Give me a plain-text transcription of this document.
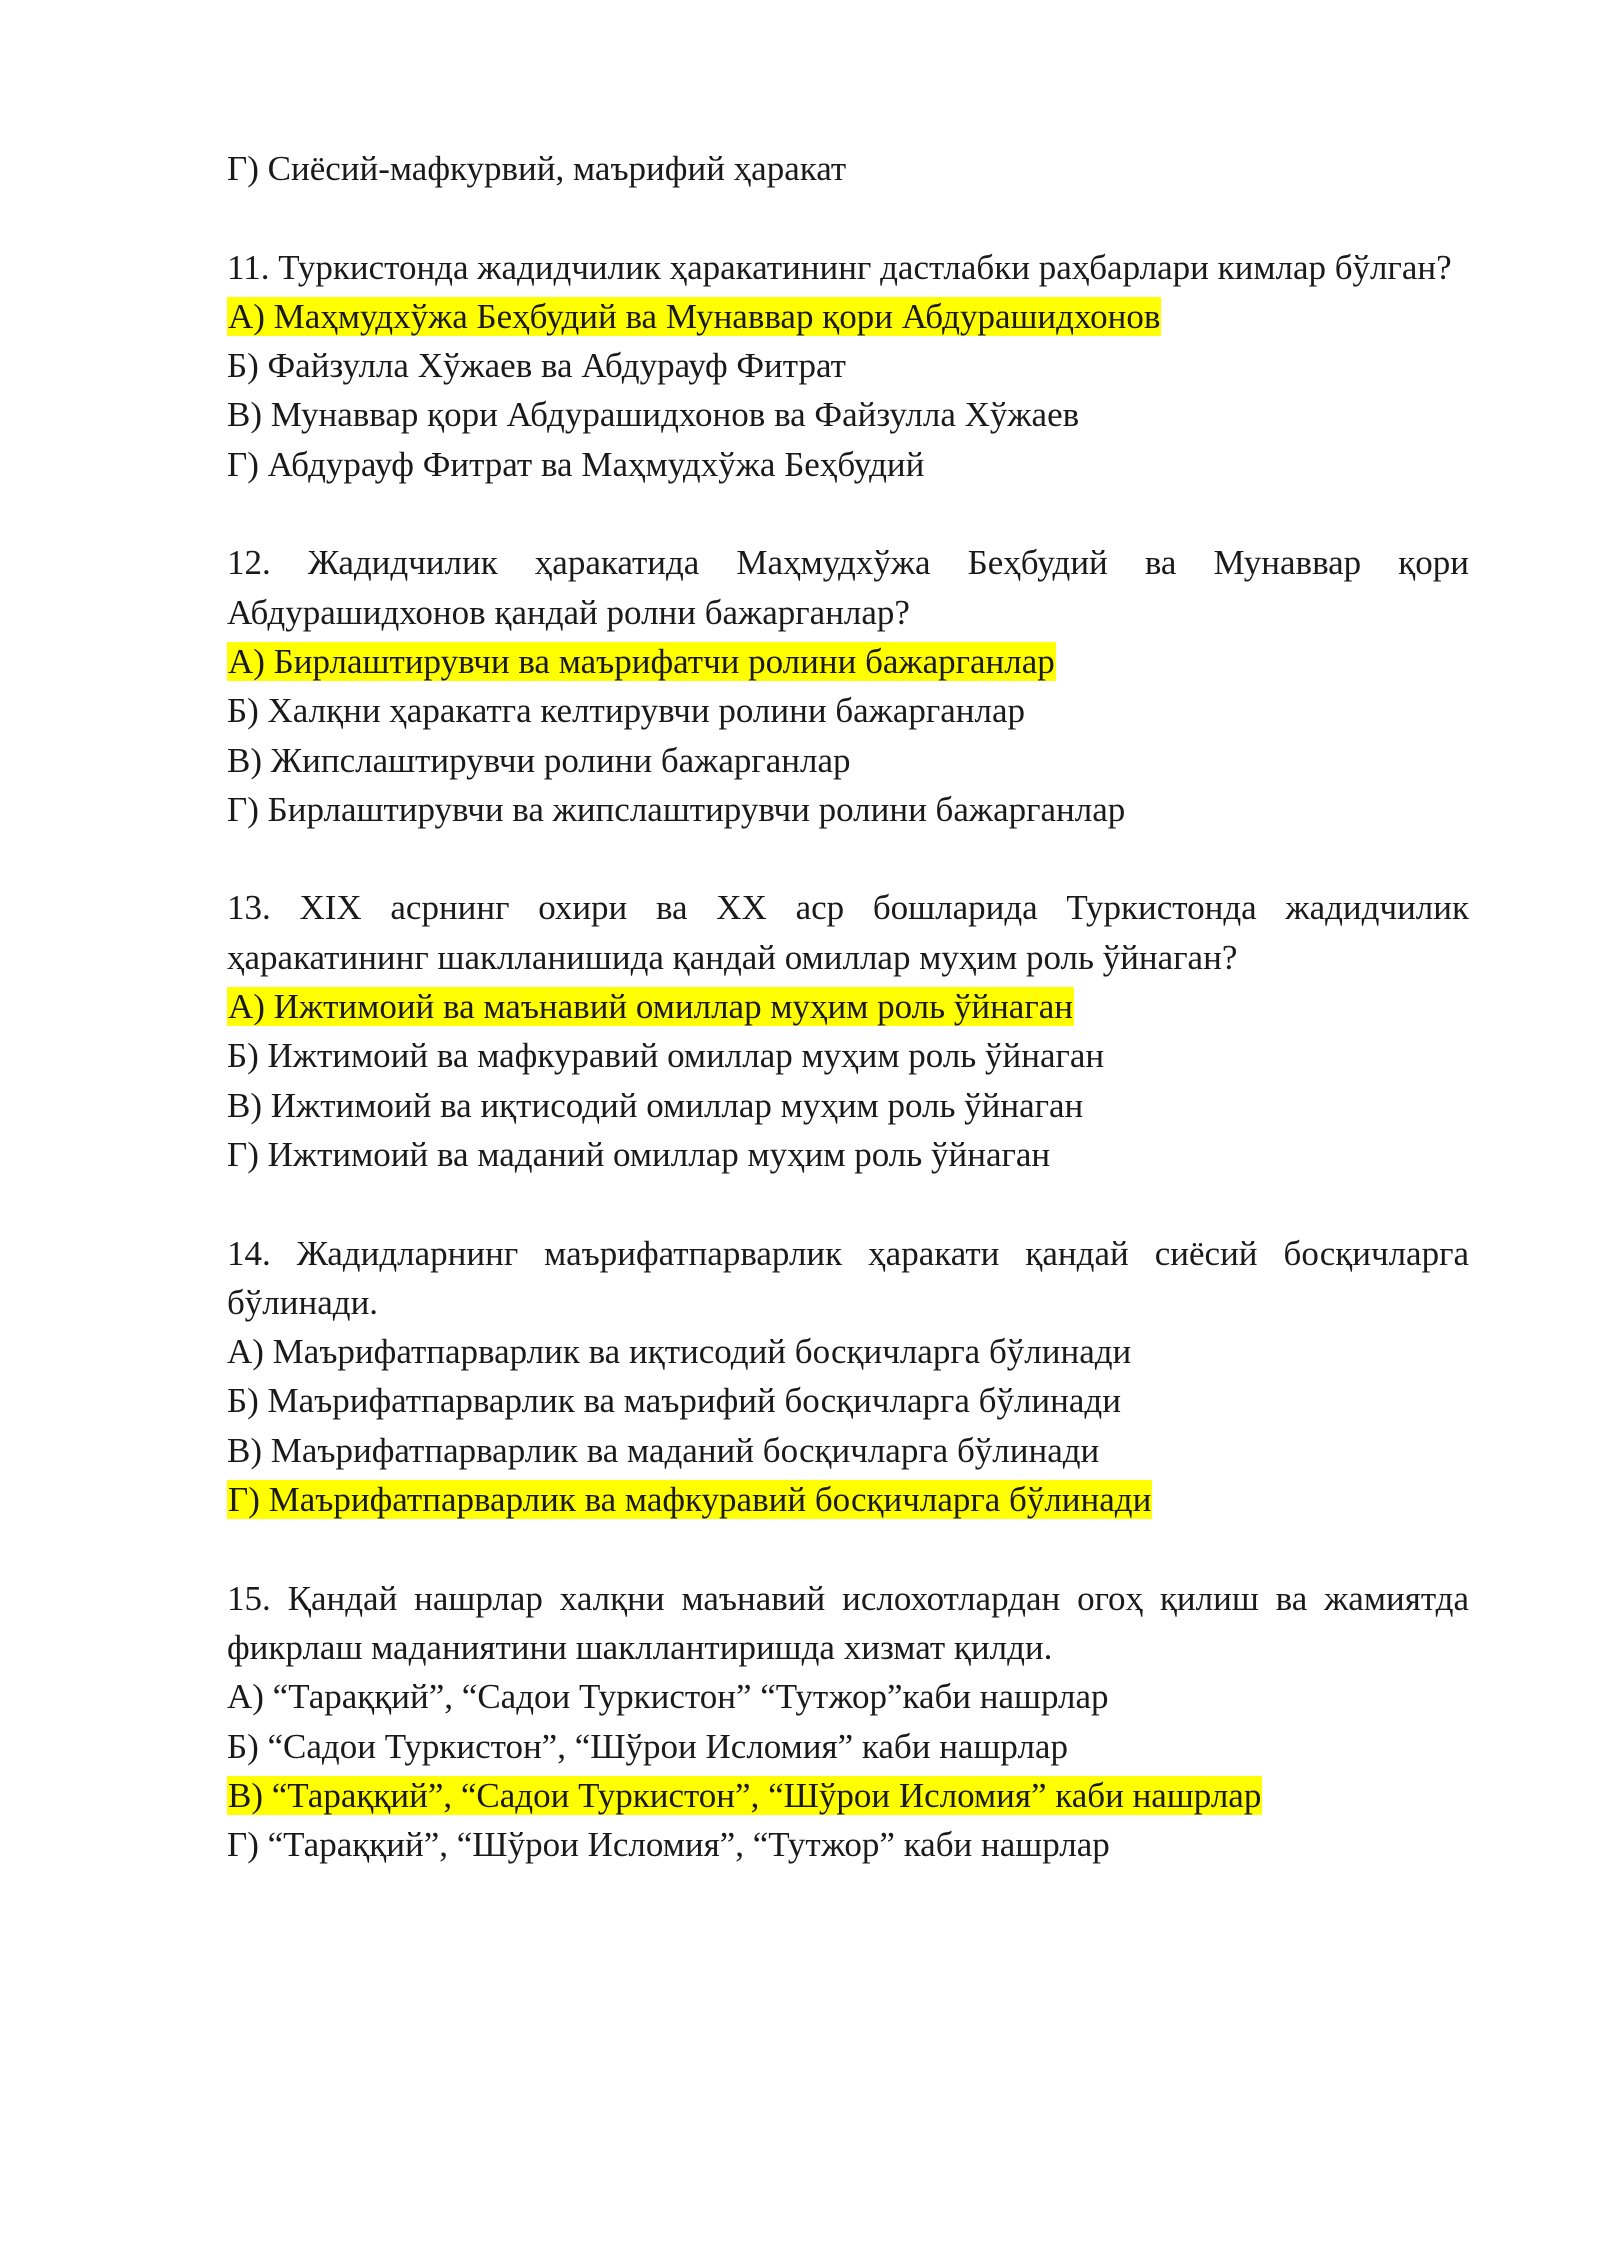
Г) Сиёсий-мафкурвий, маърифий ҳаракат

11. Туркистонда жадидчилик ҳаракатининг дастлабки раҳбарлари кимлар бўлган?

А) Маҳмудхўжа Беҳбудий ва Мунаввар қори Абдурашидхонов

Б) Файзулла Хўжаев ва Абдурауф Фитрат

В) Мунаввар қори Абдурашидхонов ва Файзулла Хўжаев

Г) Абдурауф Фитрат ва Маҳмудхўжа Беҳбудий

12. Жадидчилик ҳаракатида Маҳмудхўжа Беҳбудий ва Мунаввар қори Абдурашидхонов қандай ролни бажарганлар?

А) Бирлаштирувчи ва маърифатчи ролини бажарганлар

Б) Халқни ҳаракатга келтирувчи ролини бажарганлар

В) Жипслаштирувчи ролини бажарганлар

Г) Бирлаштирувчи ва жипслаштирувчи ролини бажарганлар

13. XIX асрнинг охири ва XX аср бошларида Туркистонда жадидчилик ҳаракатининг шаклланишида қандай омиллар муҳим роль ўйнаган?

А) Ижтимоий ва маънавий омиллар муҳим роль ўйнаган

Б) Ижтимоий ва мафкуравий омиллар муҳим роль ўйнаган

В) Ижтимоий ва иқтисодий омиллар муҳим роль ўйнаган

Г) Ижтимоий ва маданий омиллар муҳим роль ўйнаган

14. Жадидларнинг маърифатпарварлик ҳаракати қандай сиёсий босқичларга бўлинади.

А) Маърифатпарварлик ва иқтисодий босқичларга бўлинади

Б) Маърифатпарварлик ва маърифий босқичларга бўлинади

В) Маърифатпарварлик ва маданий босқичларга бўлинади

Г) Маърифатпарварлик ва мафкуравий босқичларга бўлинади

15. Қандай нашрлар халқни маънавий ислохотлардан огоҳ қилиш ва жамиятда фикрлаш маданиятини шакллантиришда хизмат қилди.

А) “Тараққий”, “Садои Туркистон” “Тутжор”каби нашрлар

Б) “Садои Туркистон”, “Шўрои Исломия” каби нашрлар

В) “Тараққий”, “Садои Туркистон”, “Шўрои Исломия” каби нашрлар

Г) “Тараққий”, “Шўрои Исломия”, “Тутжор” каби нашрлар
